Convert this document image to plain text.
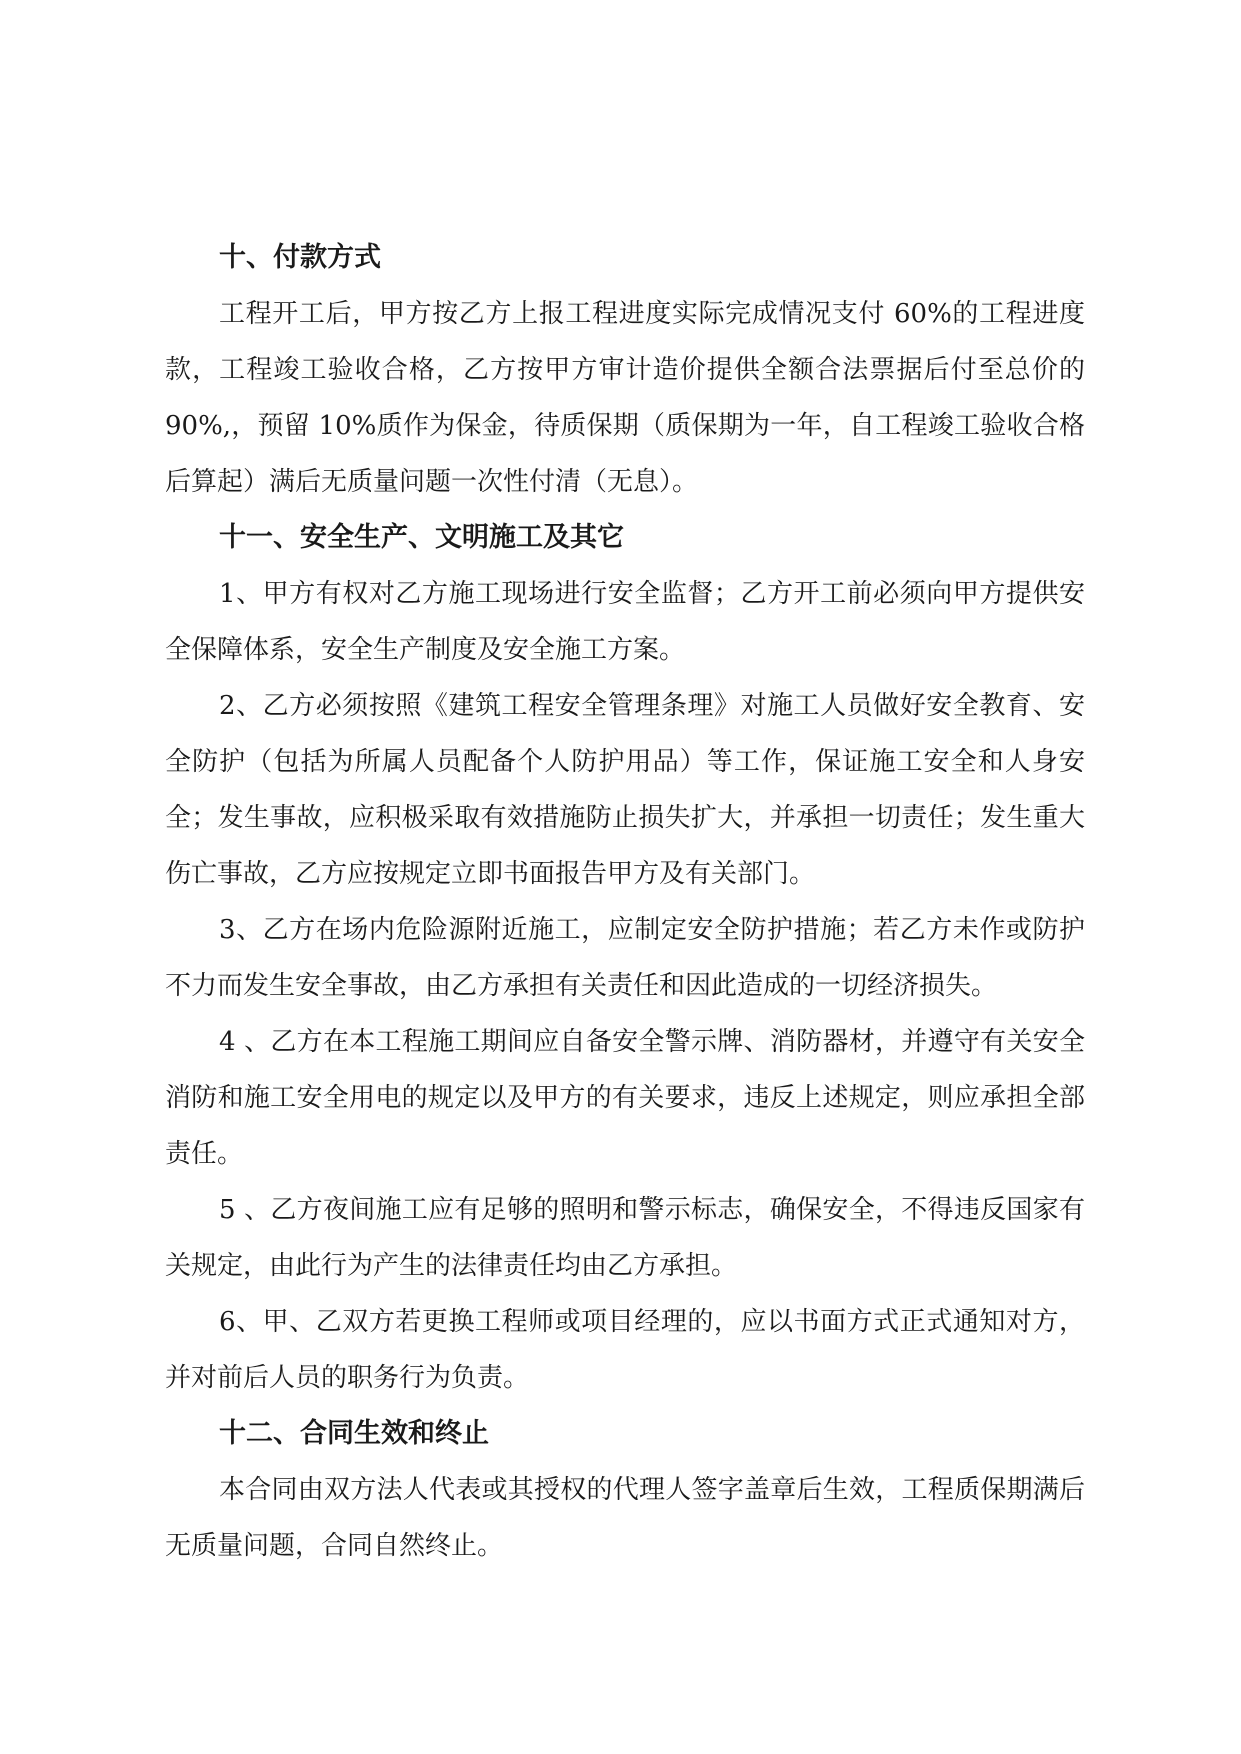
十、付款方式

工程开工后，甲方按乙方上报工程进度实际完成情况支付 60%的工程进度款，工程竣工验收合格，乙方按甲方审计造价提供全额合法票据后付至总价的 90%,，预留 10%质作为保金，待质保期（质保期为一年，自工程竣工验收合格后算起）满后无质量问题一次性付清（无息）。

十一、安全生产、文明施工及其它

1、甲方有权对乙方施工现场进行安全监督；乙方开工前必须向甲方提供安全保障体系，安全生产制度及安全施工方案。

2、乙方必须按照《建筑工程安全管理条理》对施工人员做好安全教育、安全防护（包括为所属人员配备个人防护用品）等工作，保证施工安全和人身安全；发生事故，应积极采取有效措施防止损失扩大，并承担一切责任；发生重大伤亡事故，乙方应按规定立即书面报告甲方及有关部门。

3、乙方在场内危险源附近施工，应制定安全防护措施；若乙方未作或防护不力而发生安全事故，由乙方承担有关责任和因此造成的一切经济损失。

4 、乙方在本工程施工期间应自备安全警示牌、消防器材，并遵守有关安全消防和施工安全用电的规定以及甲方的有关要求，违反上述规定，则应承担全部责任。

5 、乙方夜间施工应有足够的照明和警示标志，确保安全，不得违反国家有关规定，由此行为产生的法律责任均由乙方承担。

6、甲、乙双方若更换工程师或项目经理的，应以书面方式正式通知对方，并对前后人员的职务行为负责。

十二、合同生效和终止

本合同由双方法人代表或其授权的代理人签字盖章后生效，工程质保期满后无质量问题，合同自然终止。
